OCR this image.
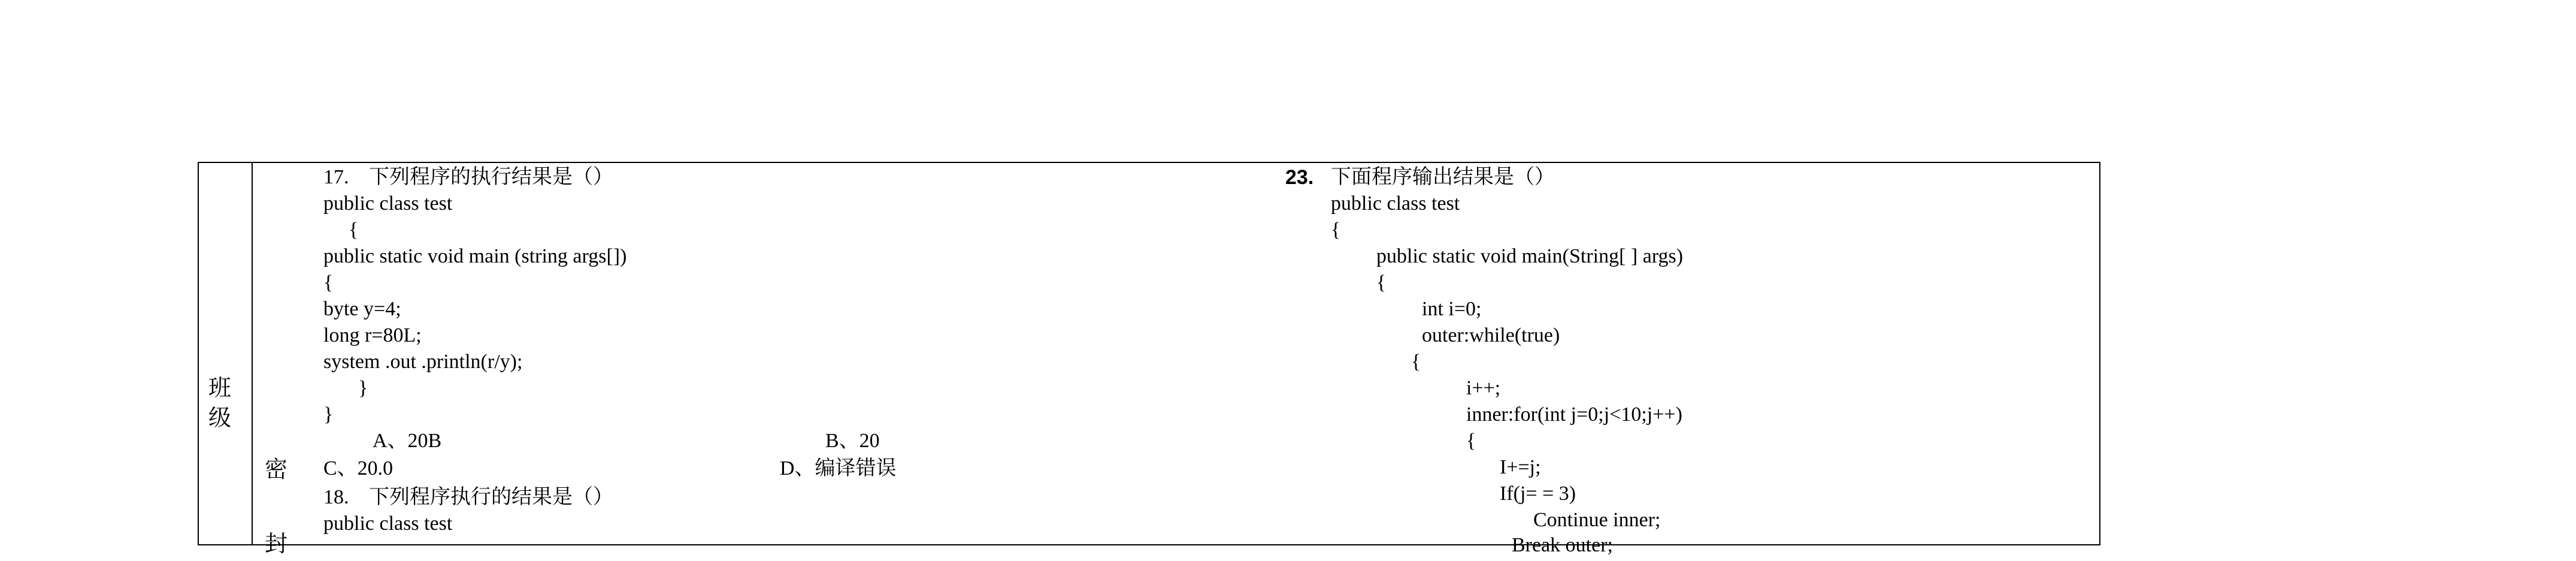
班
级
密
封
17. 下列程序的执行结果是（）
public class test
{
public static void main (string args[])
{
byte y=4;
long r=80L;
system .out .println(r/y);
}
}
A、20B	B、20
C、20.0	D、编译错误
18. 下列程序执行的结果是（）
public class test
23. 下面程序输出结果是（）
public class test
{
public static void main(String[ ] args)
{
int i=0;
outer:while(true)
{
i++;
inner:for(int j=0;j<10;j++)
{
I+=j;
If(j= = 3)
Continue inner;
Break outer;
